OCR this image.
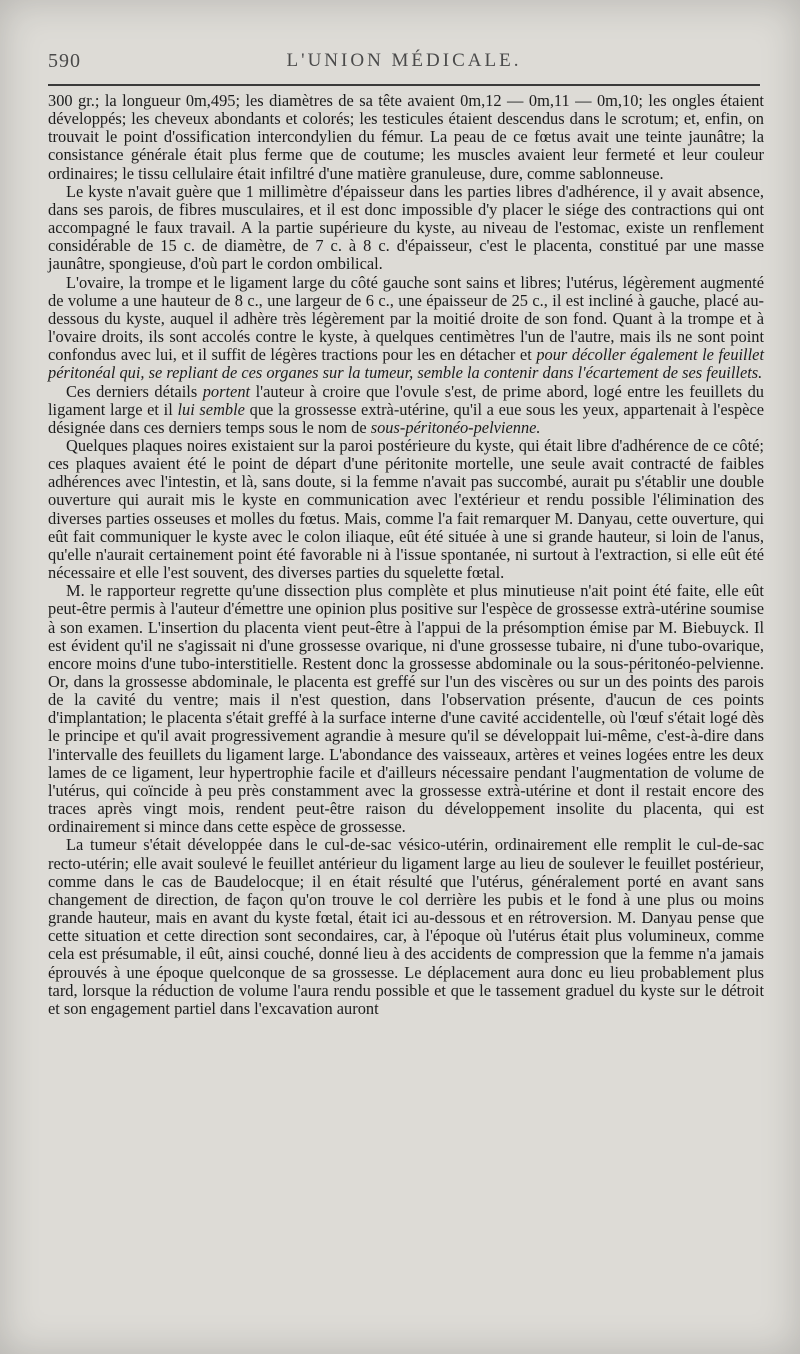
590	L'UNION MÉDICALE.

300 gr.; la longueur 0m,495; les diamètres de sa tête avaient 0m,12 — 0m,11 — 0m,10; les ongles étaient développés; les cheveux abondants et colorés; les testicules étaient descendus dans le scrotum; et, enfin, on trouvait le point d'ossification intercondylien du fémur. La peau de ce fœtus avait une teinte jaunâtre; la consistance générale était plus ferme que de coutume; les muscles avaient leur fermeté et leur couleur ordinaires; le tissu cellulaire était infiltré d'une matière granuleuse, dure, comme sablonneuse.

Le kyste n'avait guère que 1 millimètre d'épaisseur dans les parties libres d'adhérence, il y avait absence, dans ses parois, de fibres musculaires, et il est donc impossible d'y placer le siége des contractions qui ont accompagné le faux travail. A la partie supérieure du kyste, au niveau de l'estomac, existe un renflement considérable de 15 c. de diamètre, de 7 c. à 8 c. d'épaisseur, c'est le placenta, constitué par une masse jaunâtre, spongieuse, d'où part le cordon ombilical.

L'ovaire, la trompe et le ligament large du côté gauche sont sains et libres; l'utérus, légèrement augmenté de volume a une hauteur de 8 c., une largeur de 6 c., une épaisseur de 25 c., il est incliné à gauche, placé au-dessous du kyste, auquel il adhère très légèrement par la moitié droite de son fond. Quant à la trompe et à l'ovaire droits, ils sont accolés contre le kyste, à quelques centimètres l'un de l'autre, mais ils ne sont point confondus avec lui, et il suffit de légères tractions pour les en détacher et pour décoller également le feuillet péritonéal qui, se repliant de ces organes sur la tumeur, semble la contenir dans l'écartement de ses feuillets.

Ces derniers détails portent l'auteur à croire que l'ovule s'est, de prime abord, logé entre les feuillets du ligament large et il lui semble que la grossesse extrà-utérine, qu'il a eue sous les yeux, appartenait à l'espèce désignée dans ces derniers temps sous le nom de sous-péritonéo-pelvienne.

Quelques plaques noires existaient sur la paroi postérieure du kyste, qui était libre d'adhérence de ce côté; ces plaques avaient été le point de départ d'une péritonite mortelle, une seule avait contracté de faibles adhérences avec l'intestin, et là, sans doute, si la femme n'avait pas succombé, aurait pu s'établir une double ouverture qui aurait mis le kyste en communication avec l'extérieur et rendu possible l'élimination des diverses parties osseuses et molles du fœtus. Mais, comme l'a fait remarquer M. Danyau, cette ouverture, qui eût fait communiquer le kyste avec le colon iliaque, eût été située à une si grande hauteur, si loin de l'anus, qu'elle n'aurait certainement point été favorable ni à l'issue spontanée, ni surtout à l'extraction, si elle eût été nécessaire et elle l'est souvent, des diverses parties du squelette fœtal.

M. le rapporteur regrette qu'une dissection plus complète et plus minutieuse n'ait point été faite, elle eût peut-être permis à l'auteur d'émettre une opinion plus positive sur l'espèce de grossesse extrà-utérine soumise à son examen. L'insertion du placenta vient peut-être à l'appui de la présomption émise par M. Biebuyck. Il est évident qu'il ne s'agissait ni d'une grossesse ovarique, ni d'une grossesse tubaire, ni d'une tubo-ovarique, encore moins d'une tubo-interstitielle. Restent donc la grossesse abdominale ou la sous-péritonéo-pelvienne. Or, dans la grossesse abdominale, le placenta est greffé sur l'un des viscères ou sur un des points des parois de la cavité du ventre; mais il n'est question, dans l'observation présente, d'aucun de ces points d'implantation; le placenta s'était greffé à la surface interne d'une cavité accidentelle, où l'œuf s'était logé dès le principe et qu'il avait progressivement agrandie à mesure qu'il se développait lui-même, c'est-à-dire dans l'intervalle des feuillets du ligament large. L'abondance des vaisseaux, artères et veines logées entre les deux lames de ce ligament, leur hypertrophie facile et d'ailleurs nécessaire pendant l'augmentation de volume de l'utérus, qui coïncide à peu près constamment avec la grossesse extrà-utérine et dont il restait encore des traces après vingt mois, rendent peut-être raison du développement insolite du placenta, qui est ordinairement si mince dans cette espèce de grossesse.

La tumeur s'était développée dans le cul-de-sac vésico-utérin, ordinairement elle remplit le cul-de-sac recto-utérin; elle avait soulevé le feuillet antérieur du ligament large au lieu de soulever le feuillet postérieur, comme dans le cas de Baudelocque; il en était résulté que l'utérus, généralement porté en avant sans changement de direction, de façon qu'on trouve le col derrière les pubis et le fond à une plus ou moins grande hauteur, mais en avant du kyste fœtal, était ici au-dessous et en rétroversion. M. Danyau pense que cette situation et cette direction sont secondaires, car, à l'époque où l'utérus était plus volumineux, comme cela est présumable, il eût, ainsi couché, donné lieu à des accidents de compression que la femme n'a jamais éprouvés à une époque quelconque de sa grossesse. Le déplacement aura donc eu lieu probablement plus tard, lorsque la réduction de volume l'aura rendu possible et que le tassement graduel du kyste sur le détroit et son engagement partiel dans l'excavation auront
